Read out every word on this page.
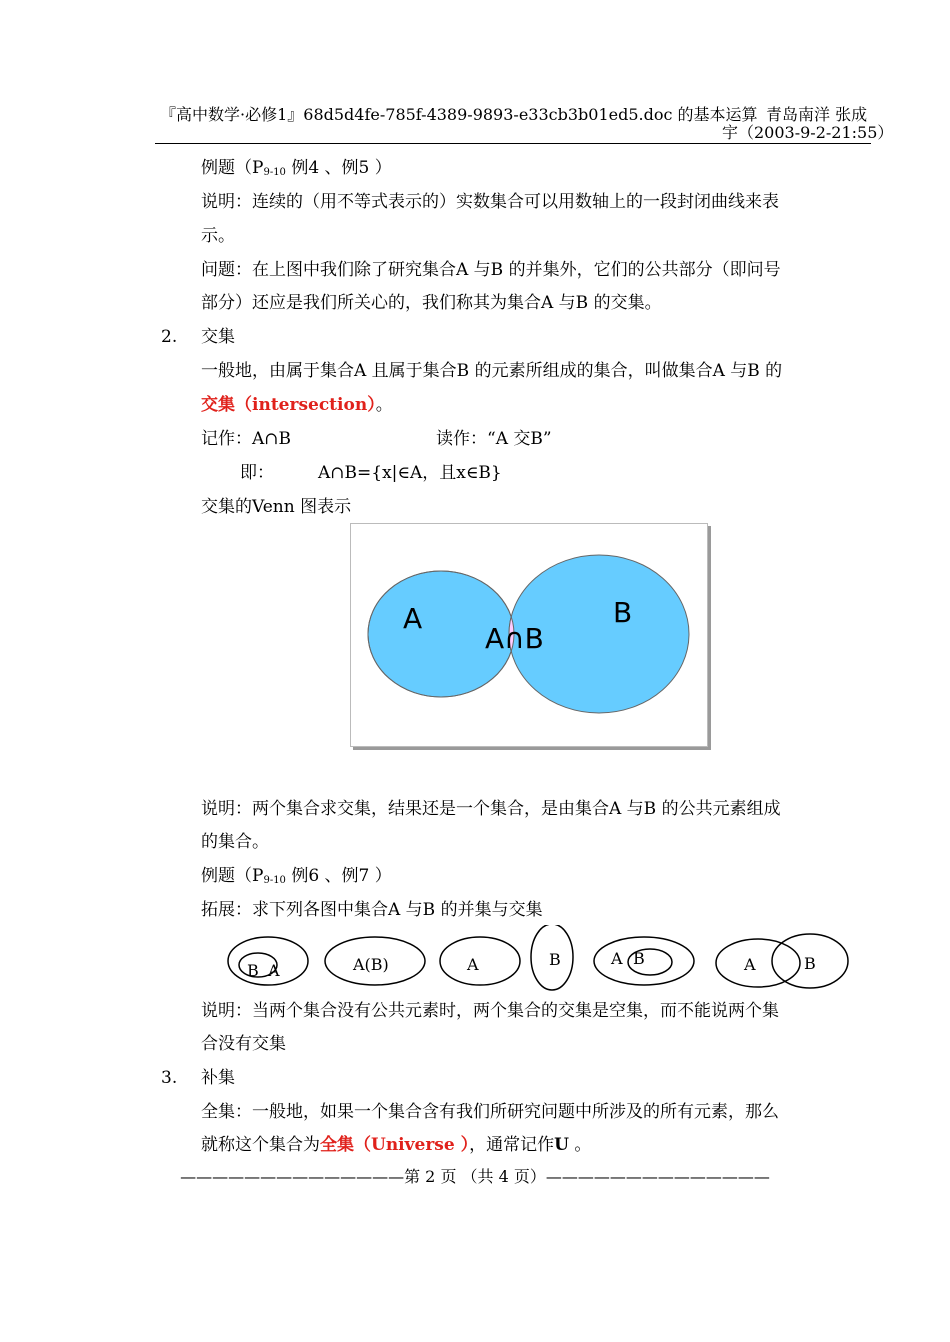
『高中数学·必修1』68d5d4fe-785f-4389-9893-e33cb3b01ed5.doc 的基本运算 青岛南洋 张成
宇（2003-9-2-21:55）
例题（$P_{9-10}$ 例4 、例5 ）
说明：连续的（用不等式表示的）实数集合可以用数轴上的一段封闭曲线来表
示。
问题：在上图中我们除了研究集合A 与B 的并集外，它们的公共部分（即问号
部分）还应是我们所关心的，我们称其为集合A 与B 的交集。
2. 交集
一般地，由属于集合A 且属于集合B 的元素所组成的集合，叫做集合A 与B 的
交集（intersection）。
记作：A∩B	读作：“A 交B”
即：	A∩B={x|∈A，且x∈B}
交集的Venn 图表示
A	B
A∩B
说明：两个集合求交集，结果还是一个集合，是由集合A 与B 的公共元素组成
的集合。
例题（$P_{9-10}$ 例6 、例7 ）
拓展：求下列各图中集合A 与B 的并集与交集
B A	A(B)	A	B	A B	A	B
说明：当两个集合没有公共元素时，两个集合的交集是空集，而不能说两个集
合没有交集
3. 补集
全集：一般地，如果一个集合含有我们所研究问题中所涉及的所有元素，那么
就称这个集合为全集（Universe ），通常记作U 。
——————————————第 2 页 （共 4 页）——————————————
